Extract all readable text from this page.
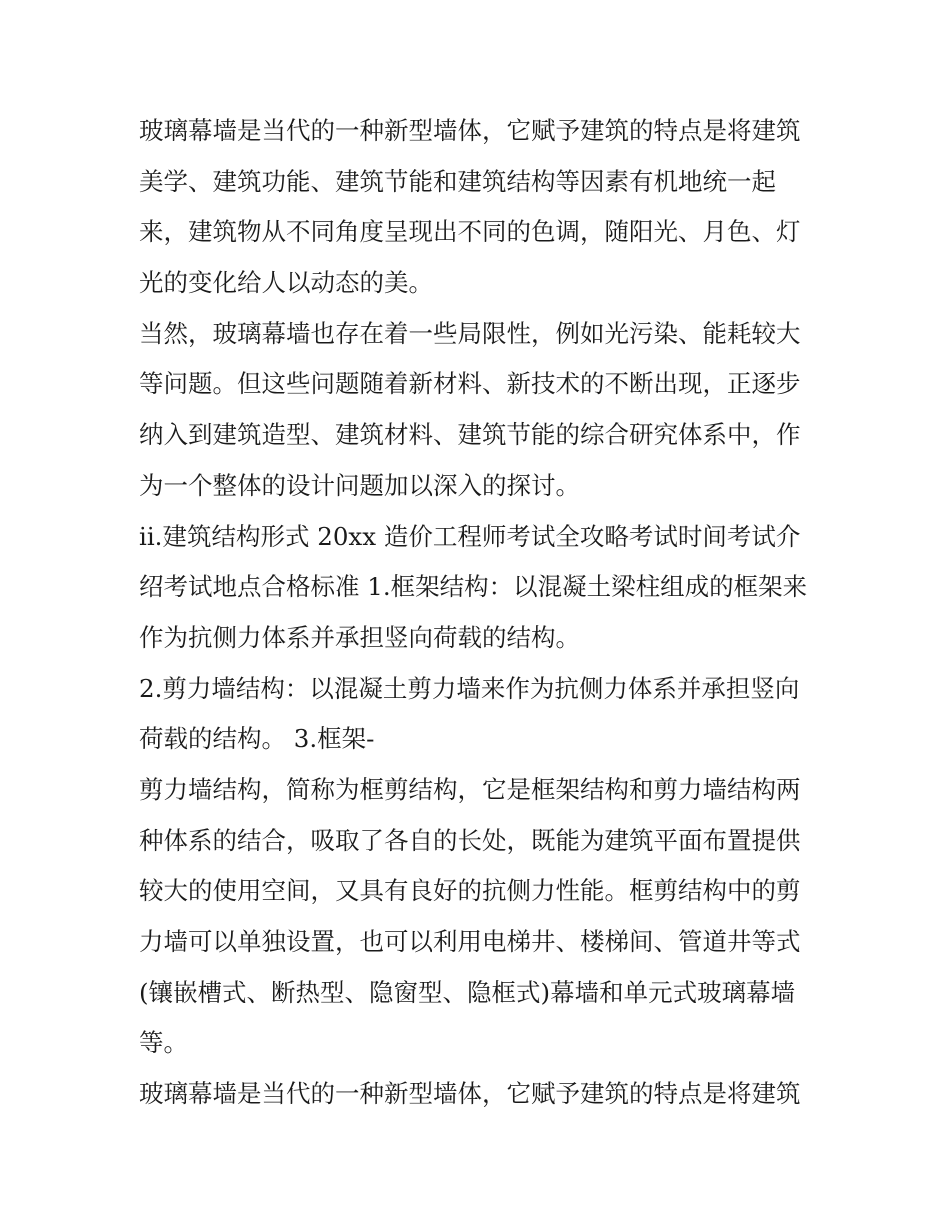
玻璃幕墙是当代的一种新型墙体，它赋予建筑的特点是将建筑
美学、建筑功能、建筑节能和建筑结构等因素有机地统一起
来，建筑物从不同角度呈现出不同的色调，随阳光、月色、灯
光的变化给人以动态的美。
当然，玻璃幕墙也存在着一些局限性，例如光污染、能耗较大
等问题。但这些问题随着新材料、新技术的不断出现，正逐步
纳入到建筑造型、建筑材料、建筑节能的综合研究体系中，作
为一个整体的设计问题加以深入的探讨。
ii.建筑结构形式 20xx 造价工程师考试全攻略考试时间考试介
绍考试地点合格标准 1.框架结构：以混凝土梁柱组成的框架来
作为抗侧力体系并承担竖向荷载的结构。
2.剪力墙结构：以混凝土剪力墙来作为抗侧力体系并承担竖向
荷载的结构。 3.框架-
剪力墙结构，简称为框剪结构，它是框架结构和剪力墙结构两
种体系的结合，吸取了各自的长处，既能为建筑平面布置提供
较大的使用空间，又具有良好的抗侧力性能。框剪结构中的剪
力墙可以单独设置，也可以利用电梯井、楼梯间、管道井等式
(镶嵌槽式、断热型、隐窗型、隐框式)幕墙和单元式玻璃幕墙
等。
玻璃幕墙是当代的一种新型墙体，它赋予建筑的特点是将建筑
